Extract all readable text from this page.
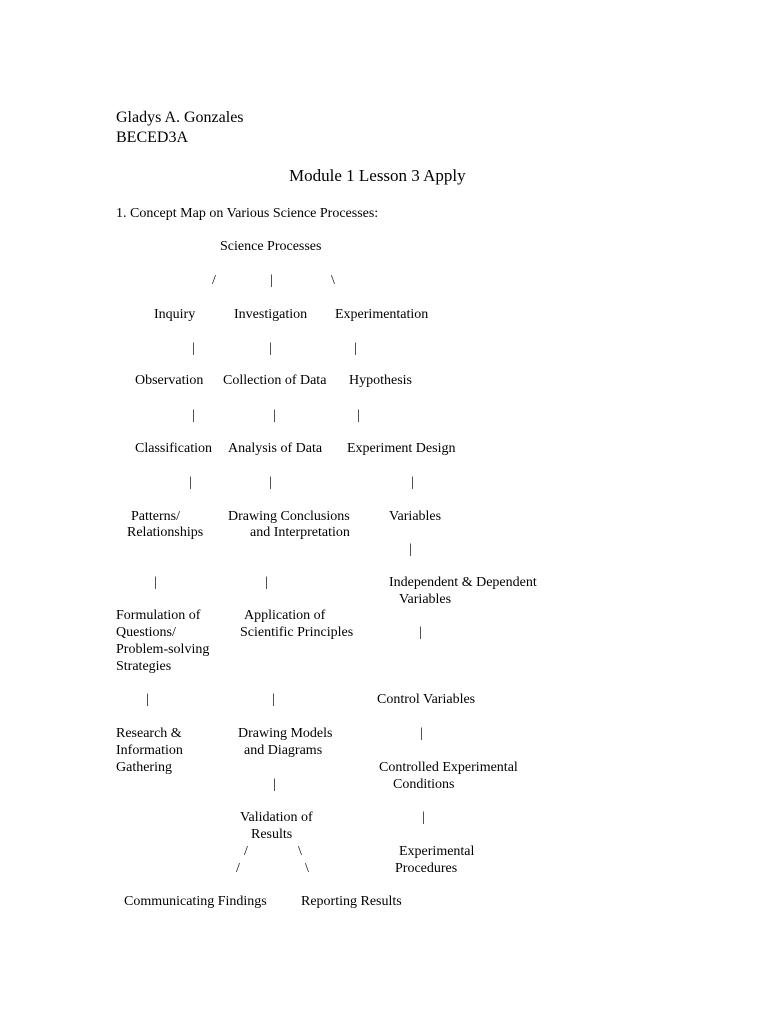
Gladys A. Gonzales
BECED3A
Module 1 Lesson 3 Apply
1. Concept Map on Various Science Processes:
Science Processes
/	|	\
Inquiry	Investigation Experimentation
|	|	|
Observation Collection of Data Hypothesis
|	|	|
Classification Analysis of Data Experiment Design
|	|	|
Patterns/
Relationships
Drawing Conclusions
and Interpretation
Variables
|
|	|	Independent & Dependent
Variables
Formulation of
Questions/
Problem-solving
Strategies
Application of
Scientific Principles	|
|	|	Control Variables
Research &
Information
Gathering
Drawing Models
and Diagrams
|
Controlled Experimental
Conditions
|
Validation of
Results
|
/	\
/	\
Experimental
Procedures
Communicating Findings Reporting Results
